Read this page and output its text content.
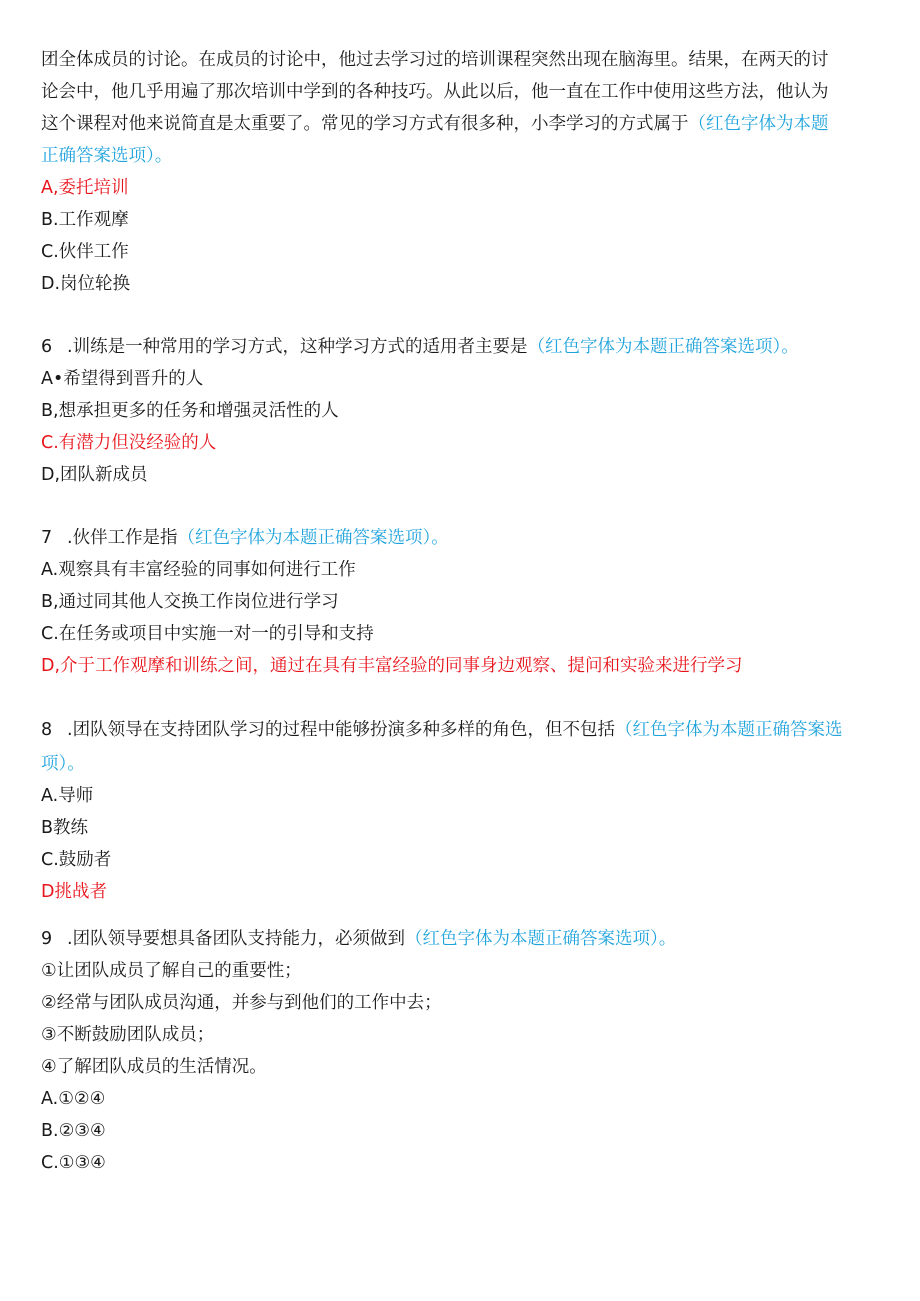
团全体成员的讨论。在成员的讨论中，他过去学习过的培训课程突然出现在脑海里。结果，在两天的讨
论会中，他几乎用遍了那次培训中学到的各种技巧。从此以后，他一直在工作中使用这些方法，他认为
这个课程对他来说简直是太重要了。常见的学习方式有很多种，小李学习的方式属于（红色字体为本题
正确答案选项）。
A,委托培训
B.工作观摩
C.伙伴工作
D.岗位轮换
6 .训练是一种常用的学习方式，这种学习方式的适用者主要是（红色字体为本题正确答案选项）。
A•希望得到晋升的人
B,想承担更多的任务和增强灵活性的人
C.有潜力但没经验的人
D,团队新成员
7 .伙伴工作是指（红色字体为本题正确答案选项）。
A.观察具有丰富经验的同事如何进行工作
B,通过同其他人交换工作岗位进行学习
C.在任务或项目中实施一对一的引导和支持
D,介于工作观摩和训练之间，通过在具有丰富经验的同事身边观察、提问和实验来进行学习
8 .团队领导在支持团队学习的过程中能够扮演多种多样的角色，但不包括（红色字体为本题正确答案选
项）。
A.导师
B教练
C.鼓励者
D挑战者
9 .团队领导要想具备团队支持能力，必须做到（红色字体为本题正确答案选项）。
①让团队成员了解自己的重要性；
②经常与团队成员沟通，并参与到他们的工作中去；
③不断鼓励团队成员；
④了解团队成员的生活情况。
A.①②④
B.②③④
C.①③④
